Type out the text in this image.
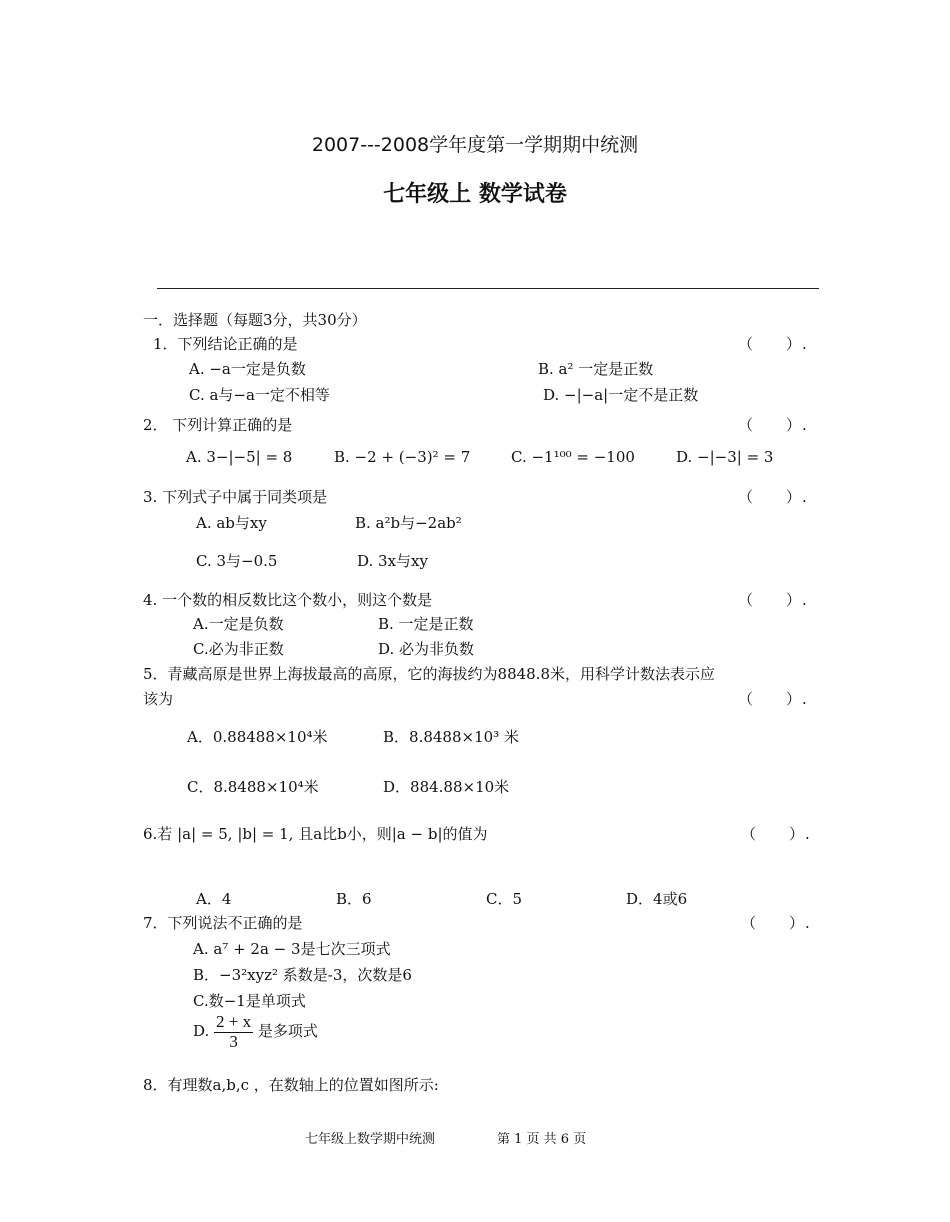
2007---2008学年度第一学期期中统测
七年级上 数学试卷
一．选择题（每题3分，共30分）
1．下列结论正确的是	（　　）.
A. −a一定是负数	B. a² 一定是正数
C. a与−a一定不相等	D. −|−a|一定不是正数
2． 下列计算正确的是	（　　）.
A. 3−|−5| = 8	B. −2 + (−3)² = 7	C. −1¹⁰⁰ = −100	D. −|−3| = 3
3. 下列式子中属于同类项是	（　　）.
A. ab与xy	B. a²b与−2ab²
C. 3与−0.5	D. 3x与xy
4. 一个数的相反数比这个数小，则这个数是	（　　）.
A.一定是负数	B. 一定是正数
C.必为非正数	D. 必为非负数
5．青藏高原是世界上海拔最高的高原，它的海拔约为8848.8米，用科学计数法表示应
该为	（　　）.
A．0.88488×10⁴米	B．8.8488×10³ 米
C．8.8488×10⁴米	D．884.88×10米
6.若 |a| = 5, |b| = 1, 且a比b小，则|a − b|的值为	（　　）.
A．4	B．6	C．5	D．4或6
7．下列说法不正确的是	（　　）.
A. a⁷ + 2a − 3是七次三项式
B．−3²xyz² 系数是-3，次数是6
C.数−1是单项式
D. $\frac{2 + x}{3}$ 是多项式
8．有理数a,b,c ，在数轴上的位置如图所示:
七年级上数学期中统测	第 1 页 共 6 页
